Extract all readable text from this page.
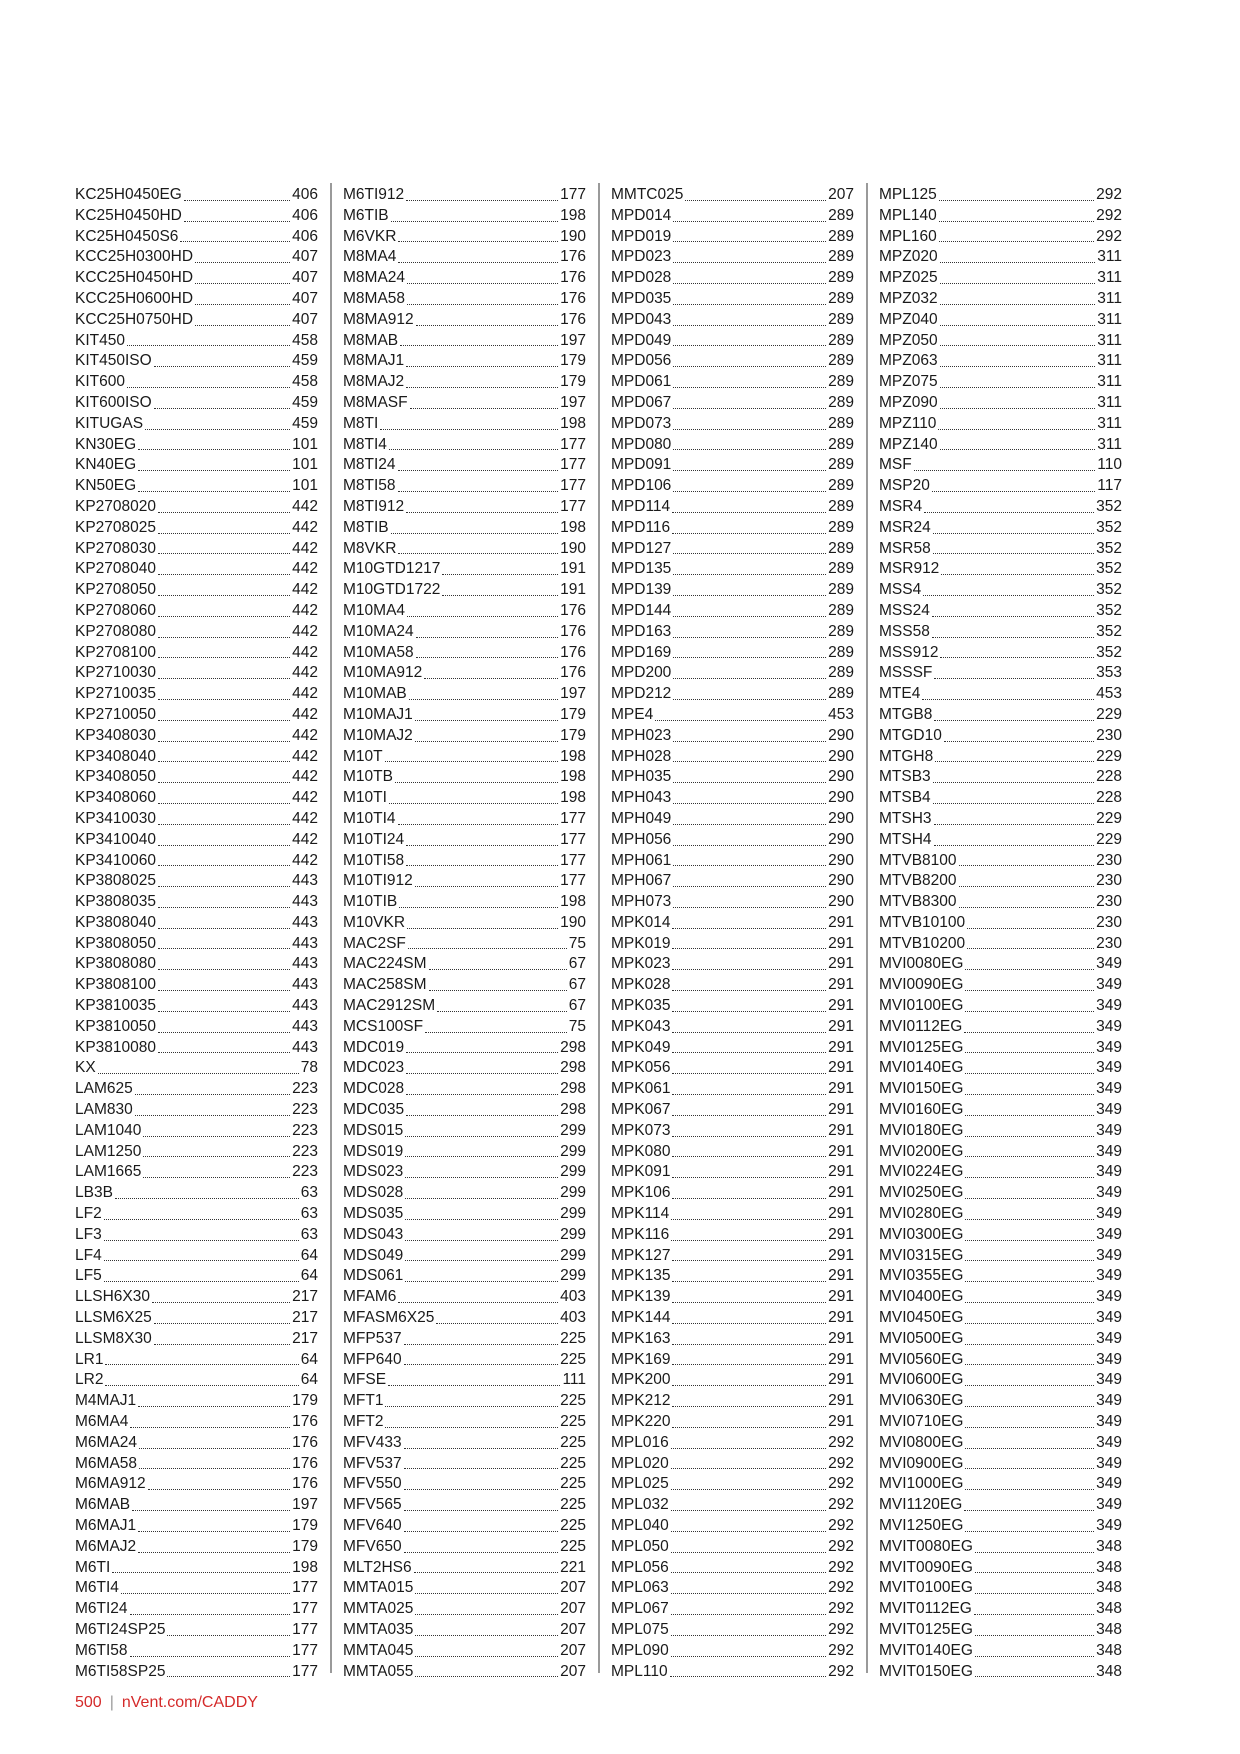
KC25H0450EG	406
KC25H0450HD	406
KC25H0450S6	406
KCC25H0300HD	407
KCC25H0450HD	407
KCC25H0600HD	407
KCC25H0750HD	407
KIT450	458
KIT450ISO	459
KIT600	458
KIT600ISO	459
KITUGAS	459
KN30EG	101
KN40EG	101
KN50EG	101
KP2708020	442
KP2708025	442
KP2708030	442
KP2708040	442
KP2708050	442
KP2708060	442
KP2708080	442
KP2708100	442
KP2710030	442
KP2710035	442
KP2710050	442
KP3408030	442
KP3408040	442
KP3408050	442
KP3408060	442
KP3410030	442
KP3410040	442
KP3410060	442
KP3808025	443
KP3808035	443
KP3808040	443
KP3808050	443
KP3808080	443
KP3808100	443
KP3810035	443
KP3810050	443
KP3810080	443
KX	78
LAM625	223
LAM830	223
LAM1040	223
LAM1250	223
LAM1665	223
LB3B	63
LF2	63
LF3	63
LF4	64
LF5	64
LLSH6X30	217
LLSM6X25	217
LLSM8X30	217
LR1	64
LR2	64
M4MAJ1	179
M6MA4	176
M6MA24	176
M6MA58	176
M6MA912	176
M6MAB	197
M6MAJ1	179
M6MAJ2	179
M6TI	198
M6TI4	177
M6TI24	177
M6TI24SP25	177
M6TI58	177
M6TI58SP25	177
M6TI912	177
M6TIB	198
M6VKR	190
M8MA4	176
M8MA24	176
M8MA58	176
M8MA912	176
M8MAB	197
M8MAJ1	179
M8MAJ2	179
M8MASF	197
M8TI	198
M8TI4	177
M8TI24	177
M8TI58	177
M8TI912	177
M8TIB	198
M8VKR	190
M10GTD1217	191
M10GTD1722	191
M10MA4	176
M10MA24	176
M10MA58	176
M10MA912	176
M10MAB	197
M10MAJ1	179
M10MAJ2	179
M10T	198
M10TB	198
M10TI	198
M10TI4	177
M10TI24	177
M10TI58	177
M10TI912	177
M10TIB	198
M10VKR	190
MAC2SF	75
MAC224SM	67
MAC258SM	67
MAC2912SM	67
MCS100SF	75
MDC019	298
MDC023	298
MDC028	298
MDC035	298
MDS015	299
MDS019	299
MDS023	299
MDS028	299
MDS035	299
MDS043	299
MDS049	299
MDS061	299
MFAM6	403
MFASM6X25	403
MFP537	225
MFP640	225
MFSE	111
MFT1	225
MFT2	225
MFV433	225
MFV537	225
MFV550	225
MFV565	225
MFV640	225
MFV650	225
MLT2HS6	221
MMTA015	207
MMTA025	207
MMTA035	207
MMTA045	207
MMTA055	207
MMTC025	207
MPD014	289
MPD019	289
MPD023	289
MPD028	289
MPD035	289
MPD043	289
MPD049	289
MPD056	289
MPD061	289
MPD067	289
MPD073	289
MPD080	289
MPD091	289
MPD106	289
MPD114	289
MPD116	289
MPD127	289
MPD135	289
MPD139	289
MPD144	289
MPD163	289
MPD169	289
MPD200	289
MPD212	289
MPE4	453
MPH023	290
MPH028	290
MPH035	290
MPH043	290
MPH049	290
MPH056	290
MPH061	290
MPH067	290
MPH073	290
MPK014	291
MPK019	291
MPK023	291
MPK028	291
MPK035	291
MPK043	291
MPK049	291
MPK056	291
MPK061	291
MPK067	291
MPK073	291
MPK080	291
MPK091	291
MPK106	291
MPK114	291
MPK116	291
MPK127	291
MPK135	291
MPK139	291
MPK144	291
MPK163	291
MPK169	291
MPK200	291
MPK212	291
MPK220	291
MPL016	292
MPL020	292
MPL025	292
MPL032	292
MPL040	292
MPL050	292
MPL056	292
MPL063	292
MPL067	292
MPL075	292
MPL090	292
MPL110	292
MPL125	292
MPL140	292
MPL160	292
MPZ020	311
MPZ025	311
MPZ032	311
MPZ040	311
MPZ050	311
MPZ063	311
MPZ075	311
MPZ090	311
MPZ110	311
MPZ140	311
MSF	110
MSP20	117
MSR4	352
MSR24	352
MSR58	352
MSR912	352
MSS4	352
MSS24	352
MSS58	352
MSS912	352
MSSSF	353
MTE4	453
MTGB8	229
MTGD10	230
MTGH8	229
MTSB3	228
MTSB4	228
MTSH3	229
MTSH4	229
MTVB8100	230
MTVB8200	230
MTVB8300	230
MTVB10100	230
MTVB10200	230
MVI0080EG	349
MVI0090EG	349
MVI0100EG	349
MVI0112EG	349
MVI0125EG	349
MVI0140EG	349
MVI0150EG	349
MVI0160EG	349
MVI0180EG	349
MVI0200EG	349
MVI0224EG	349
MVI0250EG	349
MVI0280EG	349
MVI0300EG	349
MVI0315EG	349
MVI0355EG	349
MVI0400EG	349
MVI0450EG	349
MVI0500EG	349
MVI0560EG	349
MVI0600EG	349
MVI0630EG	349
MVI0710EG	349
MVI0800EG	349
MVI0900EG	349
MVI1000EG	349
MVI1120EG	349
MVI1250EG	349
MVIT0080EG	348
MVIT0090EG	348
MVIT0100EG	348
MVIT0112EG	348
MVIT0125EG	348
MVIT0140EG	348
MVIT0150EG	348
500 | nVent.com/CADDY
